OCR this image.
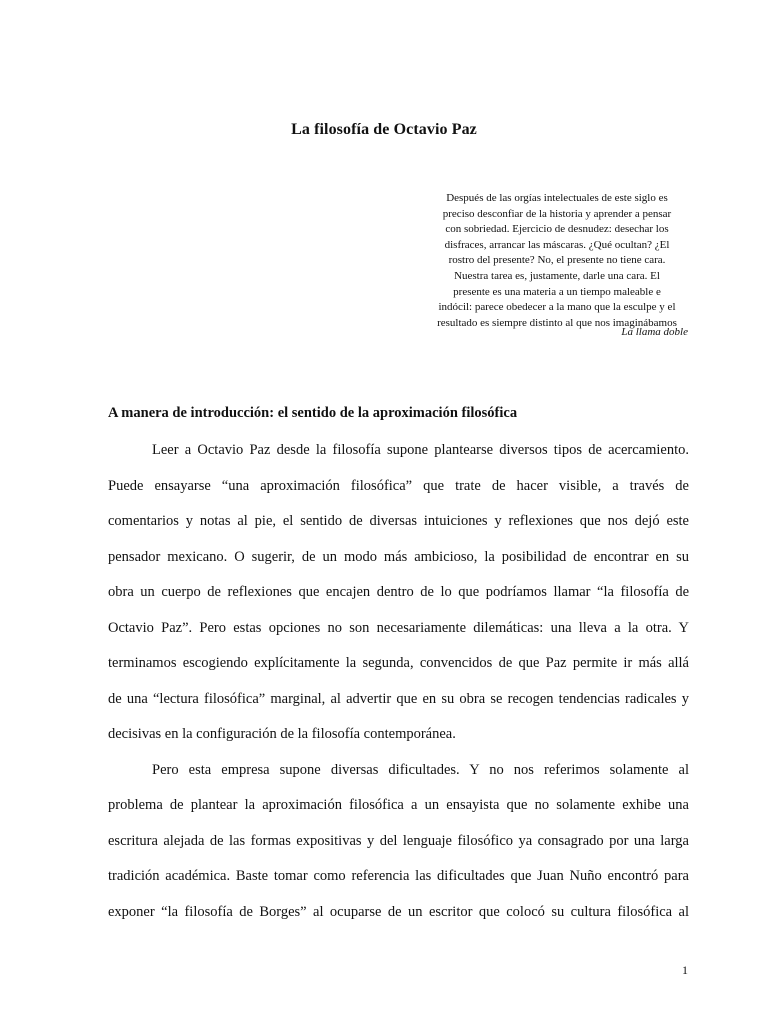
La filosofía de Octavio Paz
Después de las orgías intelectuales de este siglo es
preciso desconfiar de la historia y aprender a pensar
con sobriedad. Ejercicio de desnudez: desechar los
disfraces, arrancar las máscaras. ¿Qué ocultan? ¿El
rostro del presente? No, el presente no tiene cara.
Nuestra tarea es, justamente, darle una cara. El
presente es una materia a un tiempo maleable e
indócil: parece obedecer a la mano que la esculpe y el
resultado es siempre distinto al que nos imaginábamos
La llama doble
A manera de introducción: el sentido de la aproximación filosófica
Leer a Octavio Paz desde la filosofía supone plantearse diversos tipos de acercamiento.
Puede ensayarse “una aproximación filosófica” que trate de hacer visible, a través de
comentarios y notas al pie, el sentido de diversas intuiciones y reflexiones que nos dejó este
pensador mexicano. O sugerir, de un modo más ambicioso, la posibilidad de encontrar en su
obra un cuerpo de reflexiones que encajen dentro de lo que podríamos llamar “la filosofía de
Octavio Paz”. Pero estas opciones no son necesariamente dilemáticas: una lleva a la otra. Y
terminamos escogiendo explícitamente la segunda, convencidos de que Paz permite ir más allá
de una “lectura filosófica” marginal, al advertir que en su obra se recogen tendencias radicales y
decisivas en la configuración de la filosofía contemporánea.
Pero esta empresa supone diversas dificultades. Y no nos referimos solamente al
problema de plantear la aproximación filosófica a un ensayista que no solamente exhibe una
escritura alejada de las formas expositivas y del lenguaje filosófico ya consagrado por una larga
tradición académica. Baste tomar como referencia las dificultades que Juan Nuño encontró para
exponer “la filosofía de Borges” al ocuparse de un escritor que colocó su cultura filosófica al
1
